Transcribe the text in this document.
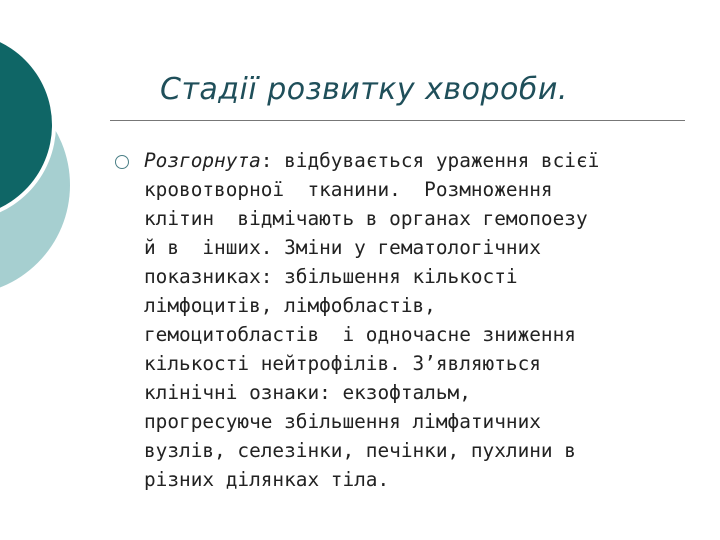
Стадії розвитку хвороби.
Розгорнута: відбувається ураження всієї
кровотворної  тканини.  Розмноження
клітин  відмічають в органах гемопоезу
й в  інших. Зміни у гематологічних
показниках: збільшення кількості
лімфоцитів, лімфобластів,
гемоцитобластів  і одночасне зниження
кількості нейтрофілів. З’являються
клінічні ознаки: екзофтальм,
прогресуюче збільшення лімфатичних
вузлів, селезінки, печінки, пухлини в
різних ділянках тіла.
